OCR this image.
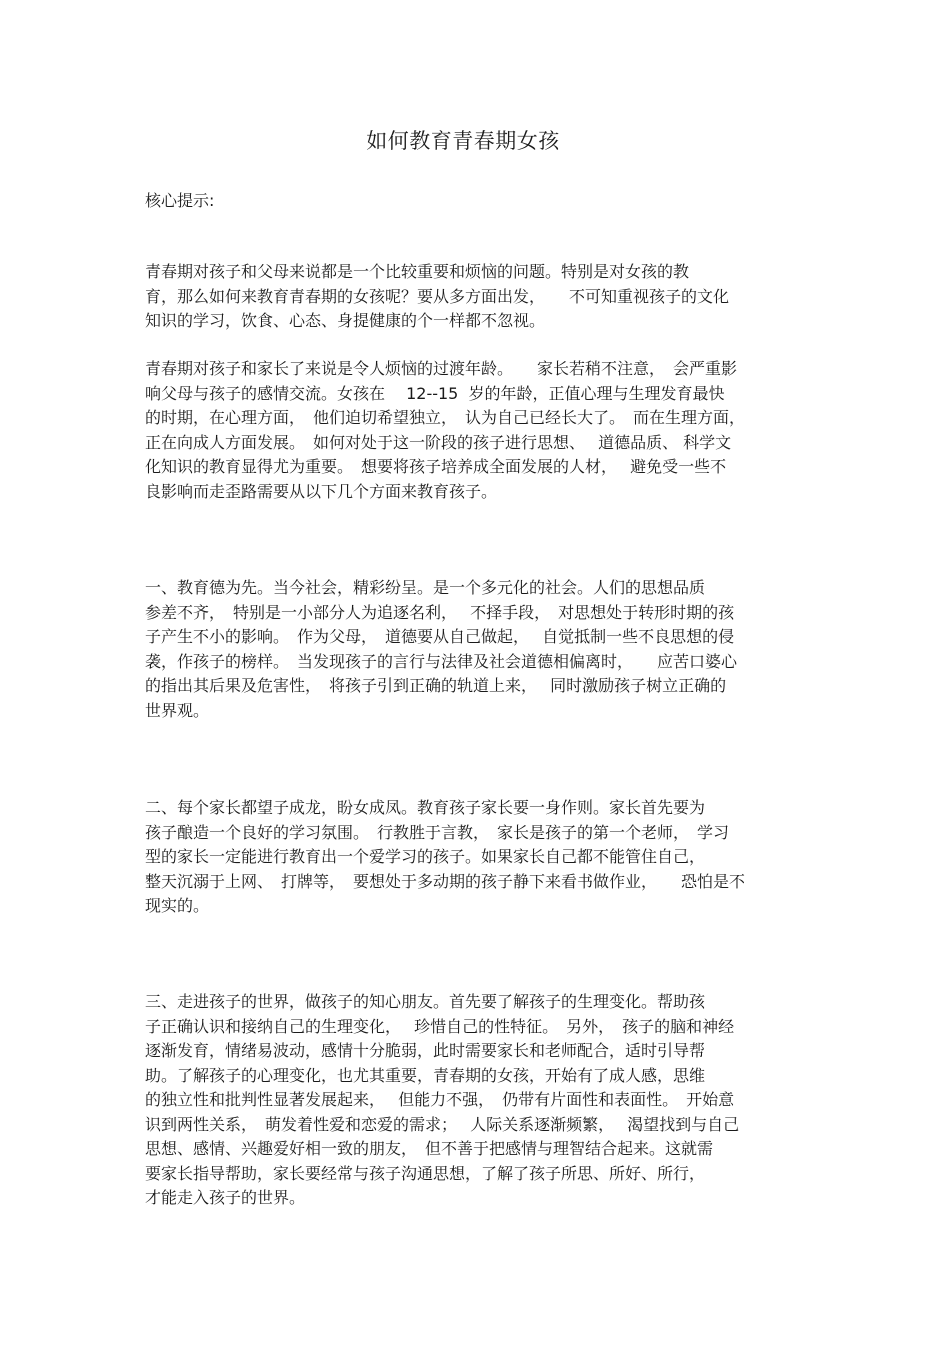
如何教育青春期女孩
核心提示:
青春期对孩子和父母来说都是一个比较重要和烦恼的问题。特别是对女孩的教
育，那么如何来教育青春期的女孩呢？要从多方面出发，　　不可知重视孩子的文化
知识的学习，饮食、心态、身提健康的个一样都不忽视。
青春期对孩子和家长了来说是令人烦恼的过渡年龄。　　家长若稍不注意，　会严重影
响父母与孩子的感情交流。女孩在　 12--15  岁的年龄，正值心理与生理发育最快
的时期，在心理方面，　他们迫切希望独立，　认为自己已经长大了。　而在生理方面，
正在向成人方面发展。　如何对处于这一阶段的孩子进行思想、　 道德品质、 科学文
化知识的教育显得尤为重要。　想要将孩子培养成全面发展的人材，　 避免受一些不
良影响而走歪路需要从以下几个方面来教育孩子。
一、教育德为先。当今社会，精彩纷呈。是一个多元化的社会。人们的思想品质
参差不齐，　特别是一小部分人为追逐名利，　 不择手段，　对思想处于转形时期的孩
子产生不小的影响。　作为父母，　道德要从自己做起，　 自觉抵制一些不良思想的侵
袭，作孩子的榜样。　当发现孩子的言行与法律及社会道德相偏离时，　　应苦口婆心
的指出其后果及危害性，　将孩子引到正确的轨道上来，　 同时激励孩子树立正确的
世界观。
二、每个家长都望子成龙，盼女成凤。教育孩子家长要一身作则。家长首先要为
孩子酿造一个良好的学习氛围。　行教胜于言教，　家长是孩子的第一个老师，　学习
型的家长一定能进行教育出一个爱学习的孩子。如果家长自己都不能管住自己，
整天沉溺于上网、　打牌等，　要想处于多动期的孩子静下来看书做作业，　　恐怕是不
现实的。
三、走进孩子的世界，做孩子的知心朋友。首先要了解孩子的生理变化。帮助孩
子正确认识和接纳自己的生理变化，　 珍惜自己的性特征。　另外，　孩子的脑和神经
逐渐发育，情绪易波动，感情十分脆弱，此时需要家长和老师配合，适时引导帮
助。了解孩子的心理变化，也尤其重要，青春期的女孩，开始有了成人感，思维
的独立性和批判性显著发展起来，　 但能力不强，　仍带有片面性和表面性。　开始意
识到两性关系，　萌发着性爱和恋爱的需求；　 人际关系逐渐频繁，　 渴望找到与自己
思想、感情、兴趣爱好相一致的朋友，　但不善于把感情与理智结合起来。这就需
要家长指导帮助，家长要经常与孩子沟通思想，了解了孩子所思、所好、所行，
才能走入孩子的世界。
